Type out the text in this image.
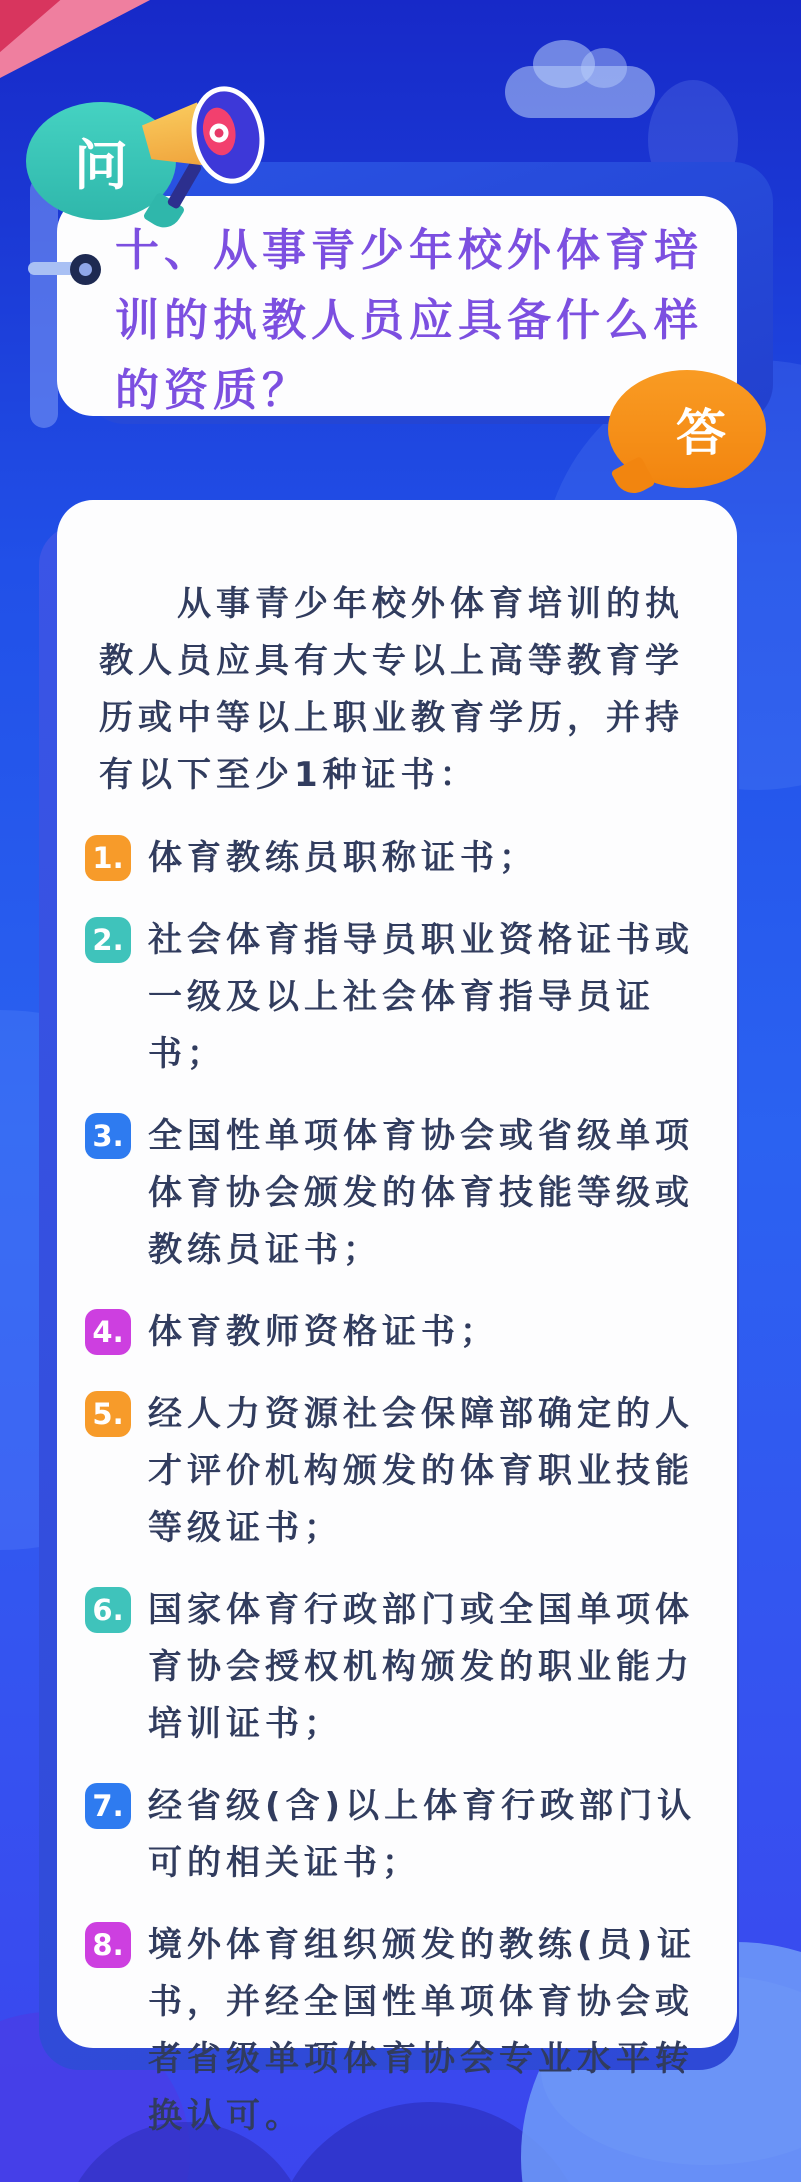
十、从事青少年校外体育培训的执教人员应具备什么样的资质？
问
答

从事青少年校外体育培训的执教人员应具有大专以上高等教育学历或中等以上职业教育学历，并持有以下至少1种证书：

1. 体育教练员职称证书；
2. 社会体育指导员职业资格证书或一级及以上社会体育指导员证书；
3. 全国性单项体育协会或省级单项体育协会颁发的体育技能等级或教练员证书；
4. 体育教师资格证书；
5. 经人力资源社会保障部确定的人才评价机构颁发的体育职业技能等级证书；
6. 国家体育行政部门或全国单项体育协会授权机构颁发的职业能力培训证书；
7. 经省级(含)以上体育行政部门认可的相关证书；
8. 境外体育组织颁发的教练(员)证书，并经全国性单项体育协会或者省级单项体育协会专业水平转换认可。
